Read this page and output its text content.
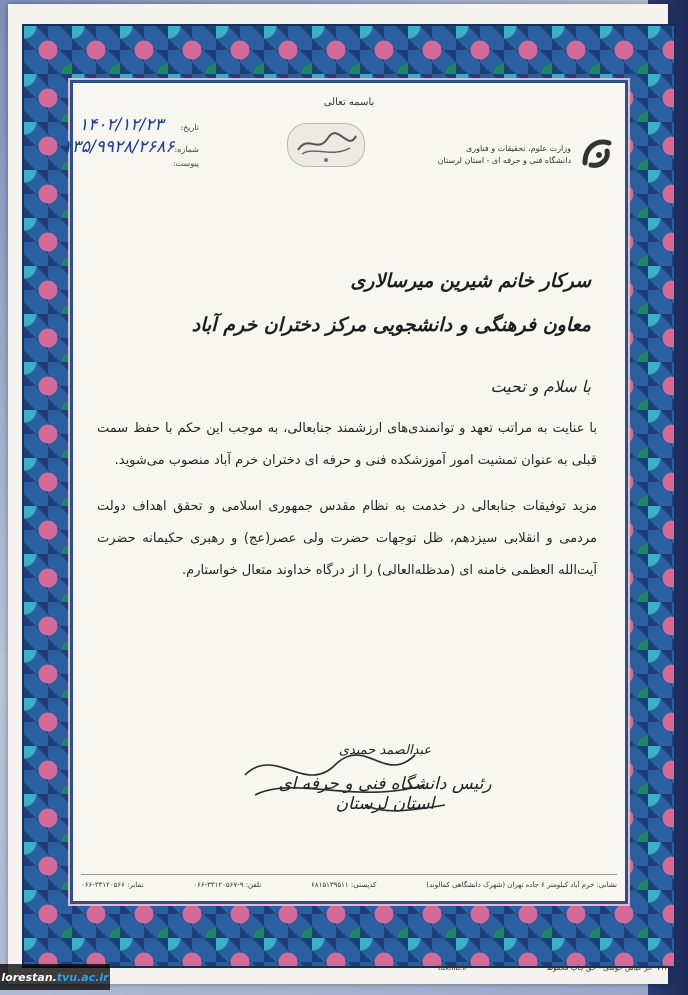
باسمه تعالی
تاریخ:
۱۴۰۲/۱۲/۲۳
شماره:
۱۳۵/۹۹۲۸/۲۶۸۶
پیوست:
وزارت علوم، تحقیقات و فناوری
دانشگاه فنی و حرفه ای - استان لرستان
سرکار خانم شیرین میرسالاری
معاون فرهنگی و دانشجویی مرکز دختران خرم آباد
با سلام و تحیت
با عنایت به مراتب تعهد و توانمندی‌های ارزشمند جنابعالی، به موجب این حکم با حفظ سمت قبلی به عنوان تمشیت امور آموزشکده فنی و حرفه ای دختران خرم آباد منصوب می‌شوید.
مزید توفیقات جنابعالی در خدمت به نظام مقدس جمهوری اسلامی و تحقق اهداف دولت مردمی و انقلابی سیزدهم، ظل توجهات حضرت ولی عصر(عج) و رهبری حکیمانه حضرت آیت‌الله العظمی خامنه ای (مدظله‌العالی) را از درگاه خداوند متعال خواستارم.
عبدالصمد حمیدی
رئیس دانشگاه فنی و حرفه ای استان لرستان
نشانی: خرم آباد کیلومتر ۶ جاده تهران (شهرک دانشگاهی کمالوند)
کدپستی: ۶۸۱۵۱۳۹۵۱۱
تلفن: ۹-۳۳۱۲۰۵۶۷-۰۶۶
نمابر: ۳۳۱۲۰۵۶۶-۰۶۶
۷۱۳- اثر عباس خوشی - حق چاپ محفوظ
taxhib.ir
lorestan. tvu.ac.ir
